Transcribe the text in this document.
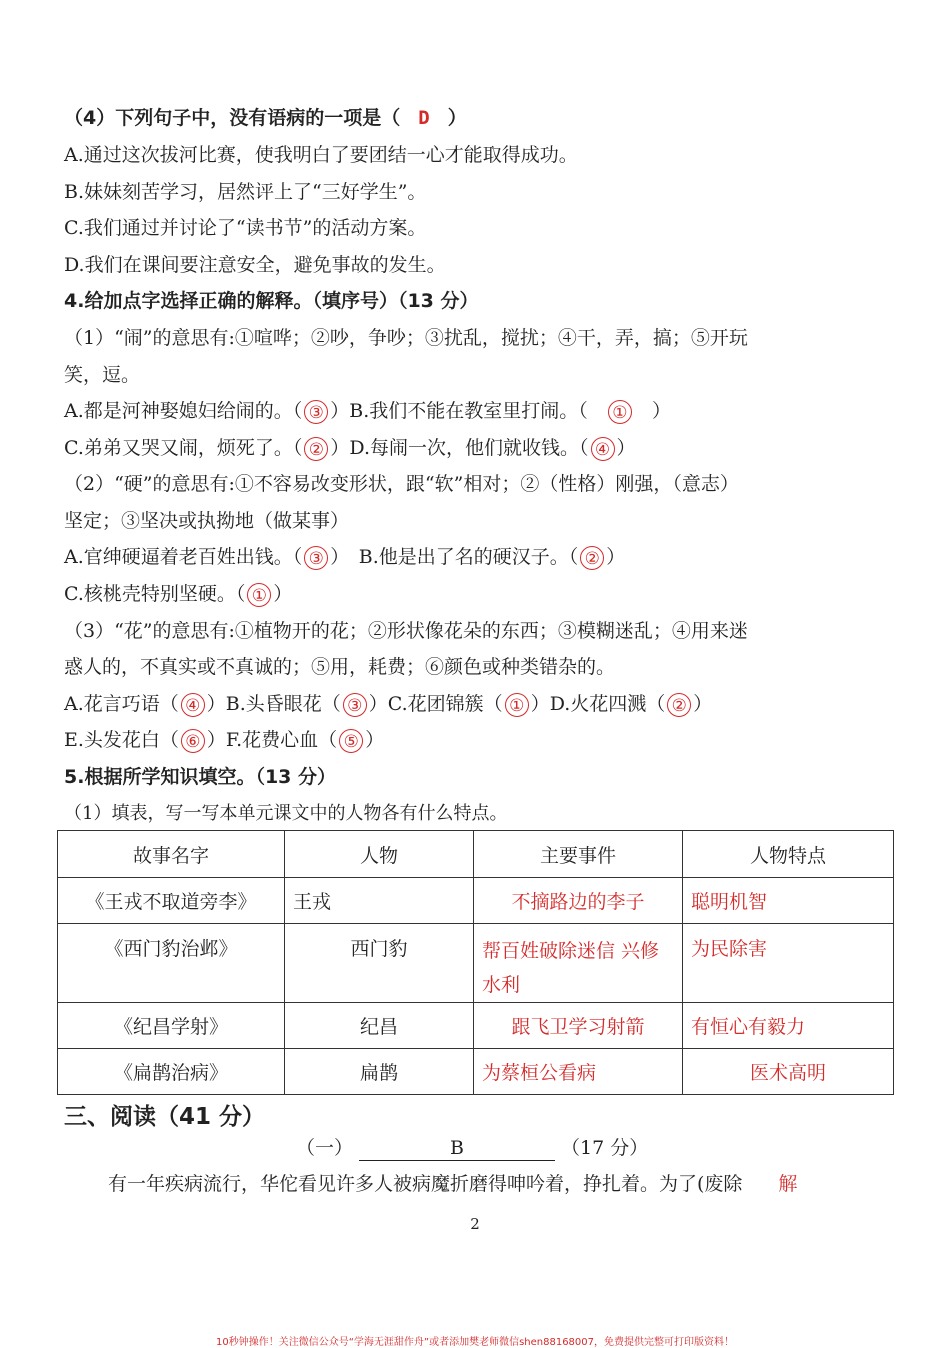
（4）下列句子中，没有语病的一项是（ D ）
A.通过这次拔河比赛，使我明白了要团结一心才能取得成功。
B.妹妹刻苦学习，居然评上了“三好学生”。
C.我们通过并讨论了“读书节”的活动方案。
D.我们在课间要注意安全，避免事故的发生。
4.给加点字选择正确的解释。（填序号）（13 分）
（1）“闹”的意思有:①喧哗；②吵，争吵；③扰乱，搅扰；④干，弄，搞；⑤开玩
笑，逗。
A.都是河神娶媳妇给闹的。（ ③ ）B.我们不能在教室里打闹。（ ①   ）
C.弟弟又哭又闹，烦死了。（ ② ）D.每闹一次，他们就收钱。（ ④ ）
（2）“硬”的意思有:①不容易改变形状，跟“软”相对；②（性格）刚强，（意志）
坚定；③坚决或执拗地（做某事）
A.官绅硬逼着老百姓出钱。（ ③ ）　B.他是出了名的硬汉子。（ ② ）
C.核桃壳特别坚硬。（ ① ）
（3）“花”的意思有:①植物开的花；②形状像花朵的东西；③模糊迷乱；④用来迷
惑人的，不真实或不真诚的；⑤用，耗费；⑥颜色或种类错杂的。
A.花言巧语（ ④ ）B.头昏眼花（ ③ ）C.花团锦簇（ ① ）D.火花四溅（ ② ）
E.头发花白（ ⑥ ）F.花费心血（ ⑤ ）
5.根据所学知识填空。（13 分）
（1）填表，写一写本单元课文中的人物各有什么特点。
故事名字	人物	主要事件	人物特点
《王戎不取道旁李》	王戎	不摘路边的李子	聪明机智
《西门豹治邺》	西门豹	帮百姓破除迷信 兴修水利	为民除害
《纪昌学射》	纪昌	跟飞卫学习射箭	有恒心有毅力
《扁鹊治病》	扁鹊	为蔡桓公看病	医术高明
三、阅读（41 分）
（一）	B	（17 分）
有一年疾病流行，华佗看见许多人被病魔折磨得呻吟着，挣扎着。为了(废除 解
2
10秒钟操作！关注微信公众号“学海无涯甜作舟”或者添加樊老师微信shen88168007，免费提供完整可打印版资料！
